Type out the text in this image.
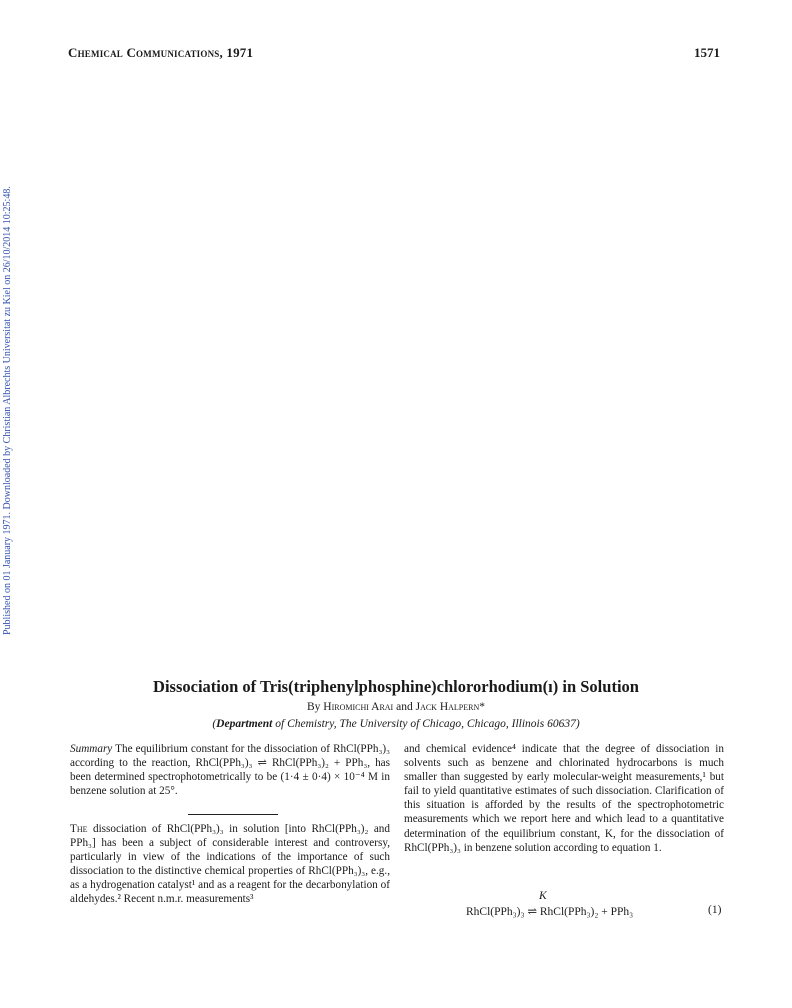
Chemical Communications, 1971	1571
Published on 01 January 1971. Downloaded by Christian Albrechts Universitat zu Kiel on 26/10/2014 10:25:48.
Dissociation of Tris(triphenylphosphine)chlororhodium(ı) in Solution
By Hiromichi Arai and Jack Halpern*
(Department of Chemistry, The University of Chicago, Chicago, Illinois 60637)
Summary The equilibrium constant for the dissociation of RhCl(PPh₃)₃ according to the reaction, RhCl(PPh₃)₃ ⇌ RhCl(PPh₃)₂ + PPh₃, has been determined spectrophotometrically to be (1·4 ± 0·4) × 10⁻⁴ M in benzene solution at 25°.
The dissociation of RhCl(PPh₃)₃ in solution [into RhCl(PPh₃)₂ and PPh₃] has been a subject of considerable interest and controversy, particularly in view of the indications of the importance of such dissociation to the distinctive chemical properties of RhCl(PPh₃)₃, e.g., as a hydrogenation catalyst¹ and as a reagent for the decarbonylation of aldehydes.² Recent n.m.r. measurements³
and chemical evidence⁴ indicate that the degree of dissociation in solvents such as benzene and chlorinated hydrocarbons is much smaller than suggested by early molecular-weight measurements,¹ but fail to yield quantitative estimates of such dissociation. Clarification of this situation is afforded by the results of the spectrophotometric measurements which we report here and which lead to a quantitative determination of the equilibrium constant, K, for the dissociation of RhCl(PPh₃)₃ in benzene solution according to equation 1.
K
RhCl(PPh₃)₃ ⇌ RhCl(PPh₃)₂ + PPh₃	(1)
